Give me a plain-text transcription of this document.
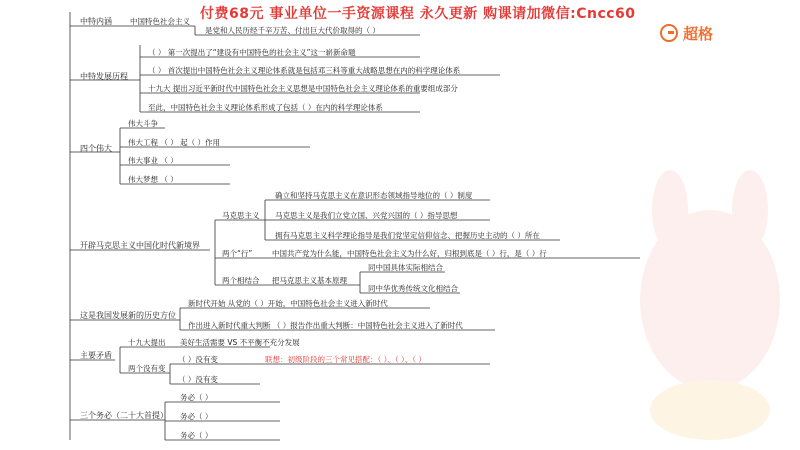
付费68元 事业单位一手资源课程 永久更新 购课请加微信:Cncc60
超格
中特内涵 中国特色社会主义
是党和人民历经千辛万苦、付出巨大代价取得的（ ）
中特发展历程
（ ） 第一次提出了“建设有中国特色的社会主义”这一崭新命题
（ ） 首次提出中国特色社会主义理论体系就是包括邓三科等重大战略思想在内的科学理论体系
十九大 提出习近平新时代中国特色社会主义思想是中国特色社会主义理论体系的重要组成部分
至此，中国特色社会主义理论体系形成了包括（ ）在内的科学理论体系
四个伟大
伟大斗争
伟大工程 （ ） 起（ ）作用
伟大事业 （ ）
伟大梦想 （ ）
开辟马克思主义中国化时代新境界
马克思主义
确立和坚持马克思主义在意识形态领域指导地位的（ ）制度
马克思主义是我们立党立国、兴党兴国的（ ）指导思想
拥有马克思主义科学理论指导是我们党坚定信仰信念、把握历史主动的（ ）所在
两个“行”	中国共产党为什么能，中国特色社会主义为什么好，归根到底是（ ）行，是（ ）行
两个相结合 把马克思主义基本原理
同中国具体实际相结合
同中华优秀传统文化相结合
这是我国发展新的历史方位
新时代开始 从党的（ ）开始，中国特色社会主义进入新时代
作出进入新时代重大判断 （ ）报告作出重大判断：中国特色社会主义进入了新时代
主要矛盾
十九大提出 美好生活需要 VS 不平衡不充分发展
两个没有变
（ ）没有变	联想：初级阶段的三个常见搭配：（ ）、（ ）、（ ）
（ ）没有变
三个务必（二十大首提）
务必（ ）
务必（ ）
务必（ ）
